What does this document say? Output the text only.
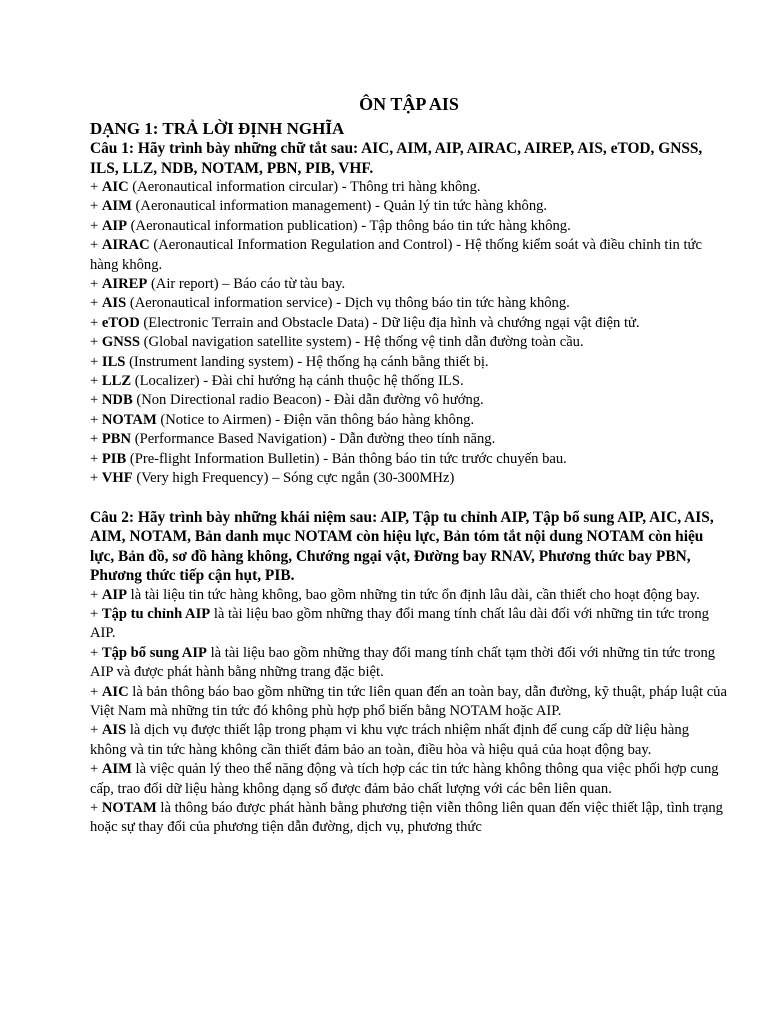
ÔN TẬP AIS

DẠNG 1: TRẢ LỜI ĐỊNH NGHĨA

Câu 1: Hãy trình bày những chữ tắt sau: AIC, AIM, AIP, AIRAC, AIREP, AIS, eTOD, GNSS, ILS, LLZ, NDB, NOTAM, PBN, PIB, VHF.

+ AIC (Aeronautical information circular) - Thông tri hàng không.

+ AIM (Aeronautical information management) - Quản lý tin tức hàng không.

+ AIP (Aeronautical information publication) - Tập thông báo tin tức hàng không.

+ AIRAC (Aeronautical Information Regulation and Control) - Hệ thống kiểm soát và điều chỉnh tin tức hàng không.

+ AIREP (Air report) – Báo cáo từ tàu bay.

+ AIS (Aeronautical information service) - Dịch vụ thông báo tin tức hàng không.

+ eTOD (Electronic Terrain and Obstacle Data) - Dữ liệu địa hình và chướng ngại vật điện tử.

+ GNSS (Global navigation satellite system) - Hệ thống vệ tinh dẫn đường toàn cầu.

+ ILS (Instrument landing system) - Hệ thống hạ cánh bằng thiết bị.

+ LLZ (Localizer) - Đài chỉ hướng hạ cánh thuộc hệ thống ILS.

+ NDB (Non Directional radio Beacon) - Đài dẫn đường vô hướng.

+ NOTAM (Notice to Airmen) - Điện văn thông báo hàng không.

+ PBN (Performance Based Navigation) - Dẫn đường theo tính năng.

+ PIB (Pre-flight Information Bulletin) - Bản thông báo tin tức trước chuyến bau.

+ VHF (Very high Frequency) – Sóng cực ngắn (30-300MHz)

Câu 2: Hãy trình bày những khái niệm sau: AIP, Tập tu chỉnh AIP, Tập bổ sung AIP, AIC, AIS, AIM, NOTAM, Bản danh mục NOTAM còn hiệu lực, Bản tóm tắt nội dung NOTAM còn hiệu lực, Bản đồ, sơ đồ hàng không, Chướng ngại vật, Đường bay RNAV, Phương thức bay PBN, Phương thức tiếp cận hụt, PIB.

+ AIP là tài liệu tin tức hàng không, bao gồm những tin tức ổn định lâu dài, cần thiết cho hoạt động bay.

+ Tập tu chỉnh AIP là tài liệu bao gồm những thay đổi mang tính chất lâu dài đối với những tin tức trong AIP.

+ Tập bổ sung AIP là tài liệu bao gồm những thay đổi mang tính chất tạm thời đối với những tin tức trong AIP và được phát hành bằng những trang đặc biệt.

+ AIC là bản thông báo bao gồm những tin tức liên quan đến an toàn bay, dẫn đường, kỹ thuật, pháp luật của Việt Nam mà những tin tức đó không phù hợp phổ biến bằng NOTAM hoặc AIP.

+ AIS là dịch vụ được thiết lập trong phạm vi khu vực trách nhiệm nhất định để cung cấp dữ liệu hàng không và tin tức hàng không cần thiết đảm bảo an toàn, điều hòa và hiệu quả của hoạt động bay.

+ AIM là việc quản lý theo thể năng động và tích hợp các tin tức hàng không thông qua việc phối hợp cung cấp, trao đổi dữ liệu hàng không dạng số được đảm bảo chất lượng với các bên liên quan.

+ NOTAM là thông báo được phát hành bằng phương tiện viễn thông liên quan đến việc thiết lập, tình trạng hoặc sự thay đổi của phương tiện dẫn đường, dịch vụ, phương thức
